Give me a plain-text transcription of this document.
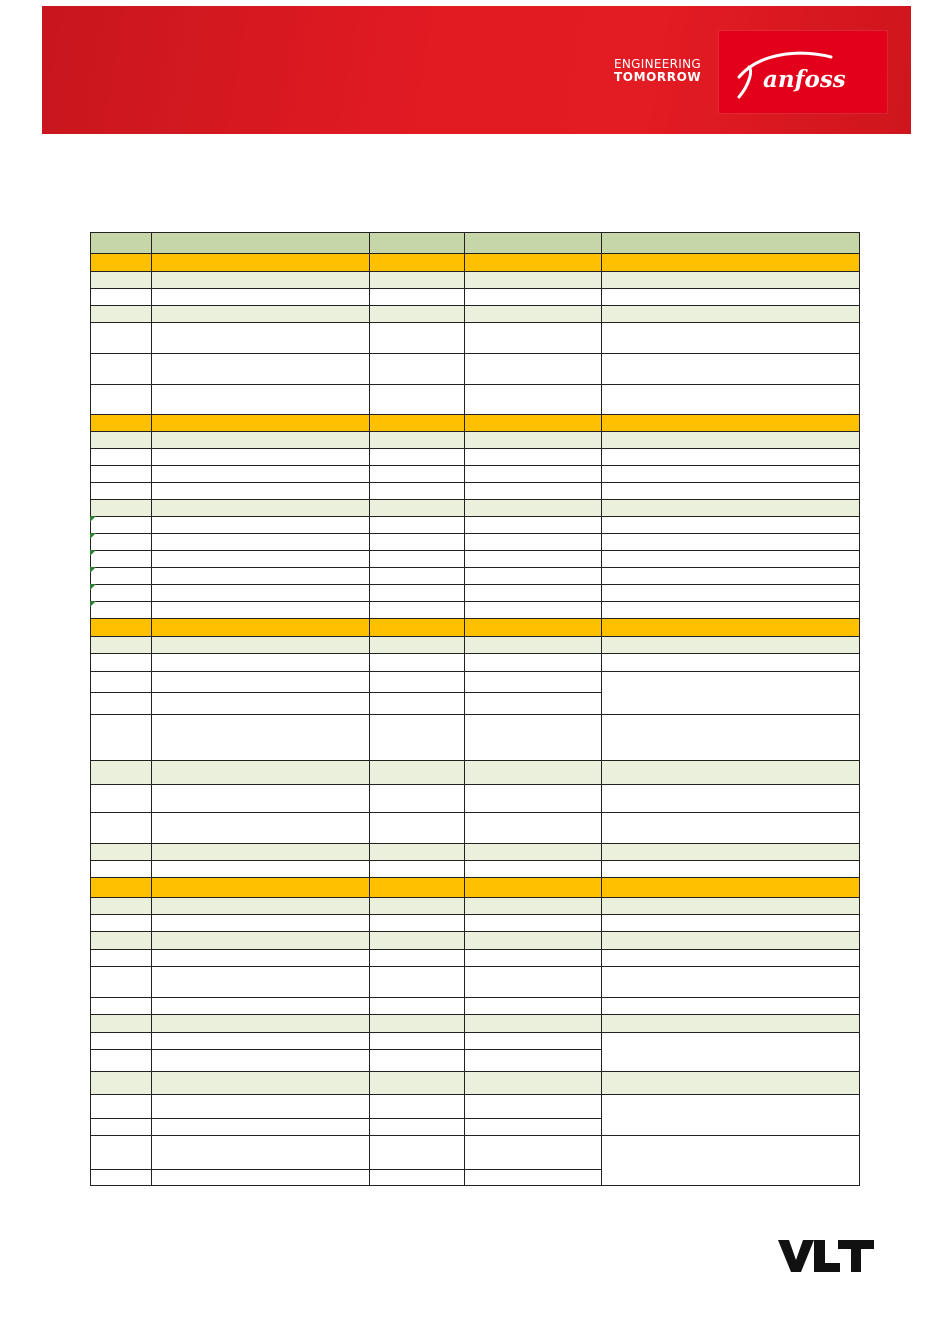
ENGINEERING
TOMORROW	anfoss
